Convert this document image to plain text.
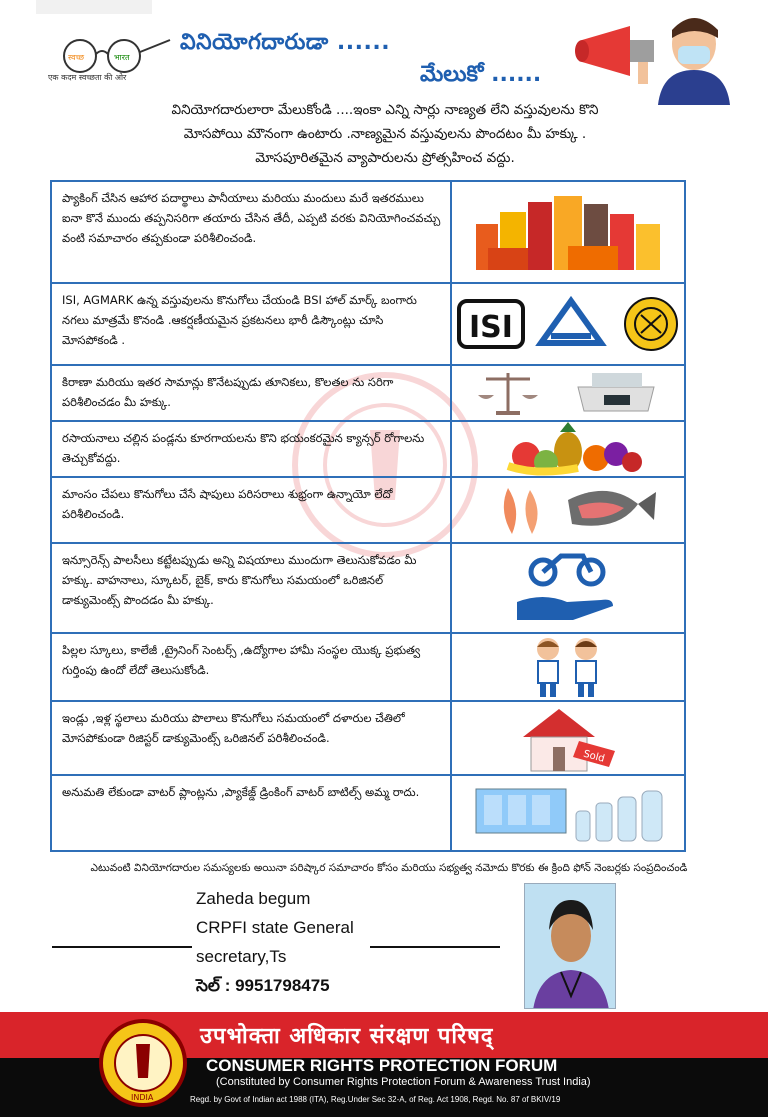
स्वच्छ	भारत
एक कदम स्वच्छता की ओर
వినియోగదారుడా ......
మేలుకో ......
వినియోగదారులారా మేలుకోండి ....ఇంకా ఎన్ని సార్లు నాణ్యత లేని వస్తువులను కొని
మోసపోయి మౌనంగా ఉంటారు .నాణ్యమైన వస్తువులను పొందటం మీ హక్కు .
మోసపూరితమైన వ్యాపారులను ప్రోత్సహించ వద్దు.
ప్యాకింగ్ చేసిన ఆహార పదార్థాలు పానీయాలు మరియు మందులు మరే ఇతరములు ఐనా కొనే ముందు తప్పనిసరిగా తయారు చేసిన తేదీ, ఎప్పటి వరకు వినియోగించవచ్చు వంటి సమాచారం తప్పకుండా పరిశీలించండి.
ISI, AGMARK ఉన్న వస్తువులను కొనుగోలు చేయండి BSI హాల్ మార్క్ బంగారు నగలు మాత్రమే కొనండి .ఆకర్షణీయమైన ప్రకటనలు భారీ డిస్కౌంట్లు చూసి మోసపోకండి .	ISI
కిరాణా మరియు ఇతర సామాన్లు కొనేటప్పుడు తూనికలు, కొలతల ను సరిగా పరిశీలించడం మీ హక్కు.
రసాయనాలు చల్లిన పండ్లను కూరగాయలను కొని భయంకరమైన క్యాన్సర్ రోగాలను తెచ్చుకోవద్దు.
మాంసం చేపలు కొనుగోలు చేసే షాపులు పరిసరాలు శుభ్రంగా ఉన్నాయో లేదో పరిశీలించండి.
ఇన్సూరెన్స్ పాలసీలు కట్టేటప్పుడు అన్ని విషయాలు ముందుగా తెలుసుకోవడం మీ హక్కు. వాహనాలు, స్కూటర్, బైక్, కారు కొనుగోలు సమయంలో ఒరిజినల్ డాక్యుమెంట్స్ పొందడం మీ హక్కు.
పిల్లల స్కూలు, కాలేజీ ,ట్రైనింగ్ సెంటర్స్ ,ఉద్యోగాల హామీ సంస్థల యొక్క ప్రభుత్వ గుర్తింపు ఉందో లేదో తెలుసుకోండి.
ఇండ్లు ,ఇళ్ల స్థలాలు మరియు పొలాలు కొనుగోలు సమయంలో దళారుల చేతిలో మోసపోకుండా రిజిస్టర్ డాక్యుమెంట్స్ ఒరిజినల్ పరిశీలించండి.
Sold
అనుమతి లేకుండా వాటర్ ప్లాంట్లను ,ప్యాకేజ్డ్ డ్రింకింగ్ వాటర్ బాటిల్స్ అమ్మ రాదు.
ఎటువంటి వినియోగదారుల సమస్యలకు అయినా పరిష్కార సమాచారం కోసం మరియు సభ్యత్వ నమోదు కొరకు ఈ క్రింది ఫోన్ నెంబర్లకు సంప్రదించండి
Zaheda begum
CRPFI state General
secretary,Ts
సెల్ : 9951798475
INDIA
उपभोक्ता अधिकार संरक्षण परिषद्
CONSUMER RIGHTS PROTECTION FORUM
(Constituted by Consumer Rights Protection Forum & Awareness Trust India)
Regd. by Govt of Indian act 1988 (ITA), Reg.Under Sec 32-A, of Reg. Act 1908, Regd. No. 87 of BKIV/19
